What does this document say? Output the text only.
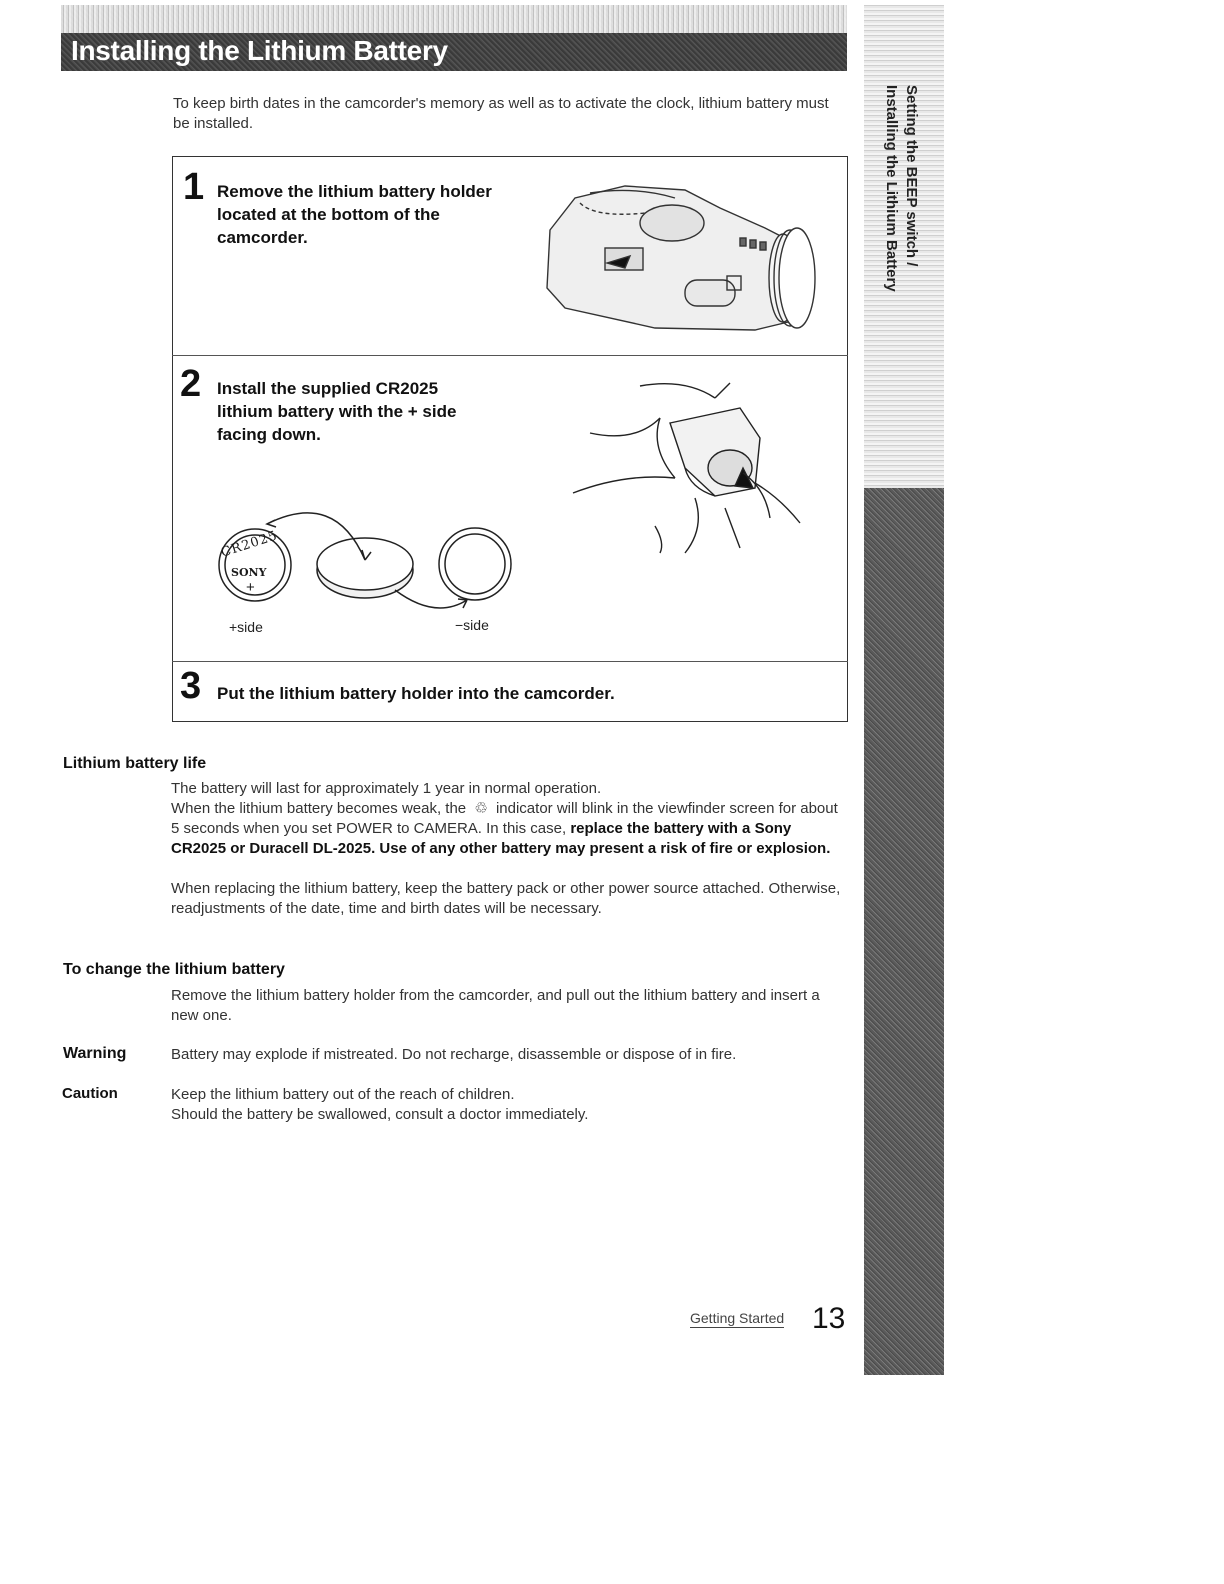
Installing the Lithium Battery
Setting the BEEP switch /
Installing the Lithium Battery
To keep birth dates in the camcorder's memory as well as to activate the clock, lithium battery must be installed.
1 Remove the lithium battery holder located at the bottom of the camcorder.
2 Install the supplied CR2025 lithium battery with the + side facing down.
CR2025
SONY
+
+side	−side
3 Put the lithium battery holder into the camcorder.
Lithium battery life
The battery will last for approximately 1 year in normal operation.
When the lithium battery becomes weak, the ♲ indicator will blink in the viewfinder screen for about 5 seconds when you set POWER to CAMERA. In this case, replace the battery with a Sony CR2025 or Duracell DL-2025. Use of any other battery may present a risk of fire or explosion.
When replacing the lithium battery, keep the battery pack or other power source attached. Otherwise, readjustments of the date, time and birth dates will be necessary.
To change the lithium battery
Remove the lithium battery holder from the camcorder, and pull out the lithium battery and insert a new one.
Warning	Battery may explode if mistreated. Do not recharge, disassemble or dispose of in fire.
Caution	Keep the lithium battery out of the reach of children.
Should the battery be swallowed, consult a doctor immediately.
Getting Started 13
